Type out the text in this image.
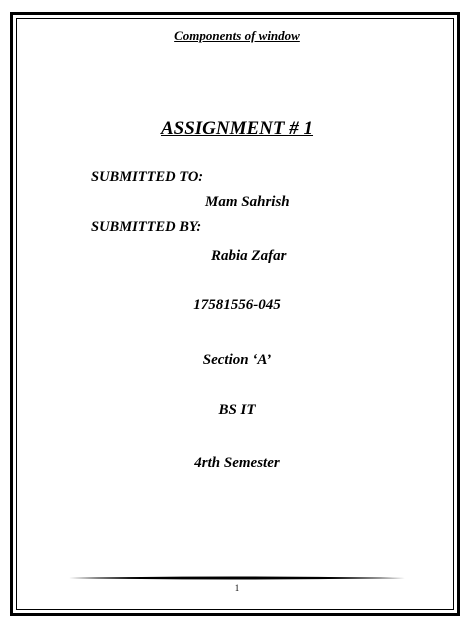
Components of window
ASSIGNMENT # 1
SUBMITTED TO:
Mam Sahrish
SUBMITTED BY:
Rabia Zafar
17581556-045
Section ‘A’
BS IT
4rth Semester
1
